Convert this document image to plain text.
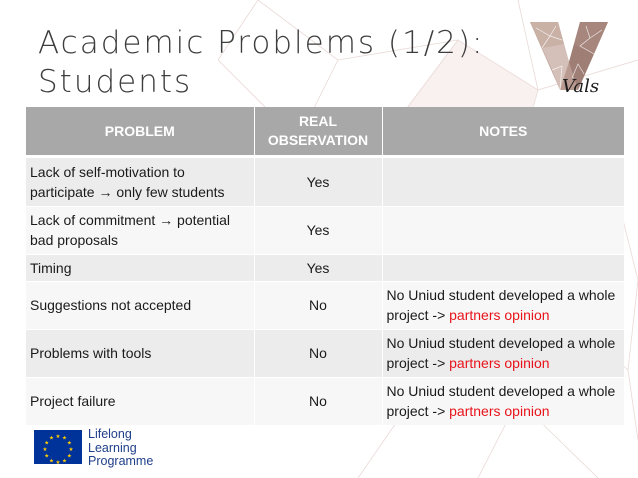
Academic Problems (1/2): Students	Vals
PROBLEM	REAL OBSERVATION	NOTES
Lack of self-motivation to participate → only few students	Yes	
Lack of commitment → potential bad proposals	Yes	
Timing	Yes	
Suggestions not accepted	No	No Uniud student developed a whole project -> partners opinion
Problems with tools	No	No Uniud student developed a whole project -> partners opinion
Project failure	No	No Uniud student developed a whole project -> partners opinion
★ ★
★
★
★
★
★
★
★
★
★
★	Lifelong
Learning
Programme
